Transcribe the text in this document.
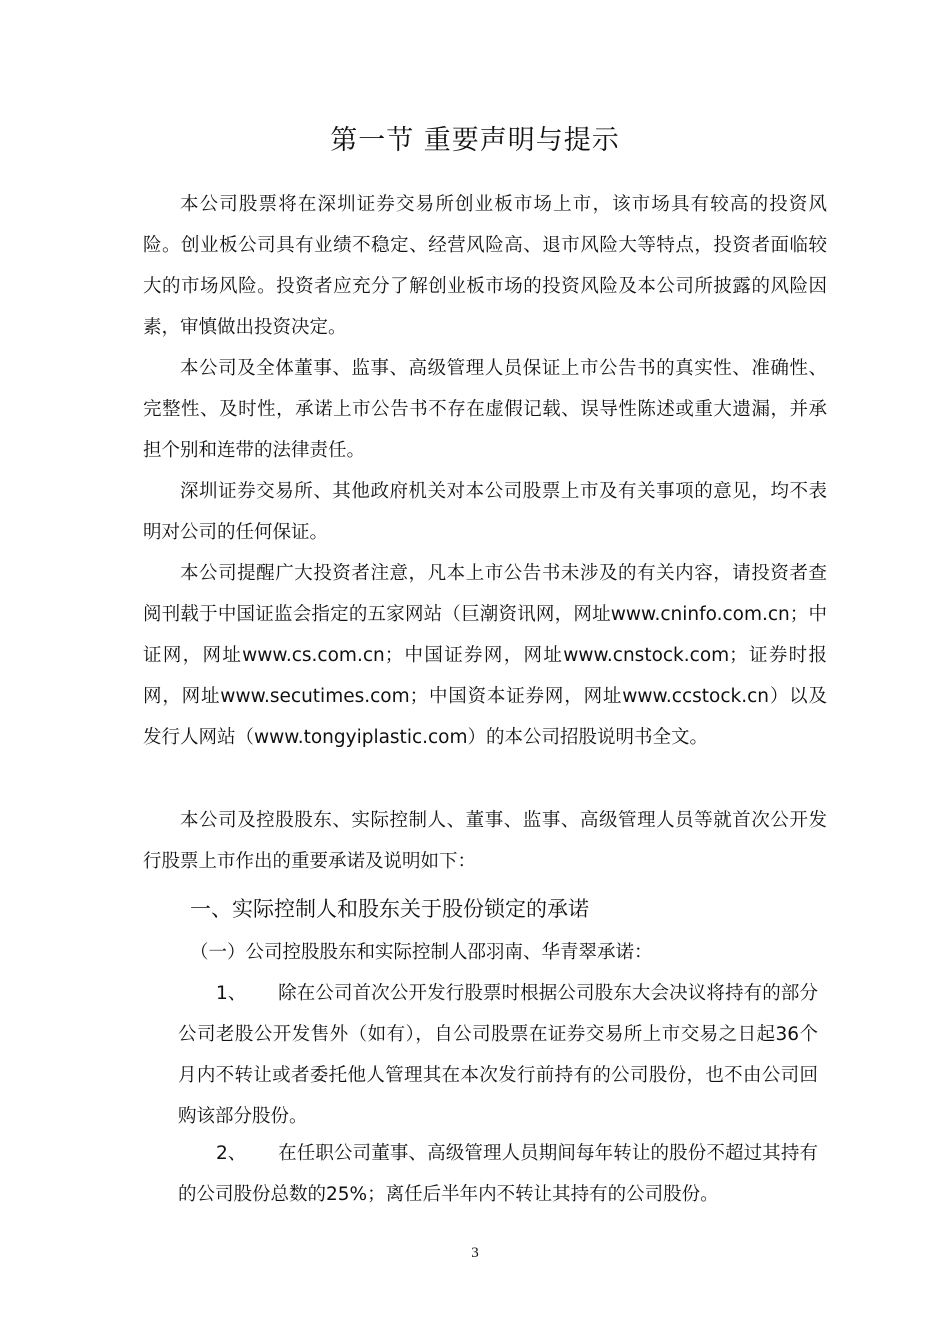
第一节 重要声明与提示

本公司股票将在深圳证券交易所创业板市场上市，该市场具有较高的投资风险。创业板公司具有业绩不稳定、经营风险高、退市风险大等特点，投资者面临较大的市场风险。投资者应充分了解创业板市场的投资风险及本公司所披露的风险因素，审慎做出投资决定。

本公司及全体董事、监事、高级管理人员保证上市公告书的真实性、准确性、完整性、及时性，承诺上市公告书不存在虚假记载、误导性陈述或重大遗漏，并承担个别和连带的法律责任。

深圳证券交易所、其他政府机关对本公司股票上市及有关事项的意见，均不表明对公司的任何保证。

本公司提醒广大投资者注意，凡本上市公告书未涉及的有关内容，请投资者查阅刊载于中国证监会指定的五家网站（巨潮资讯网，网址www.cninfo.com.cn；中证网，网址www.cs.com.cn；中国证券网，网址www.cnstock.com；证券时报网，网址www.secutimes.com；中国资本证券网，网址www.ccstock.cn）以及发行人网站（www.tongyiplastic.com）的本公司招股说明书全文。

本公司及控股股东、实际控制人、董事、监事、高级管理人员等就首次公开发行股票上市作出的重要承诺及说明如下：

一、实际控制人和股东关于股份锁定的承诺
（一）公司控股股东和实际控制人邵羽南、华青翠承诺：
1、 除在公司首次公开发行股票时根据公司股东大会决议将持有的部分公司老股公开发售外（如有），自公司股票在证券交易所上市交易之日起36个月内不转让或者委托他人管理其在本次发行前持有的公司股份，也不由公司回购该部分股份。
2、 在任职公司董事、高级管理人员期间每年转让的股份不超过其持有的公司股份总数的25%；离任后半年内不转让其持有的公司股份。
3
